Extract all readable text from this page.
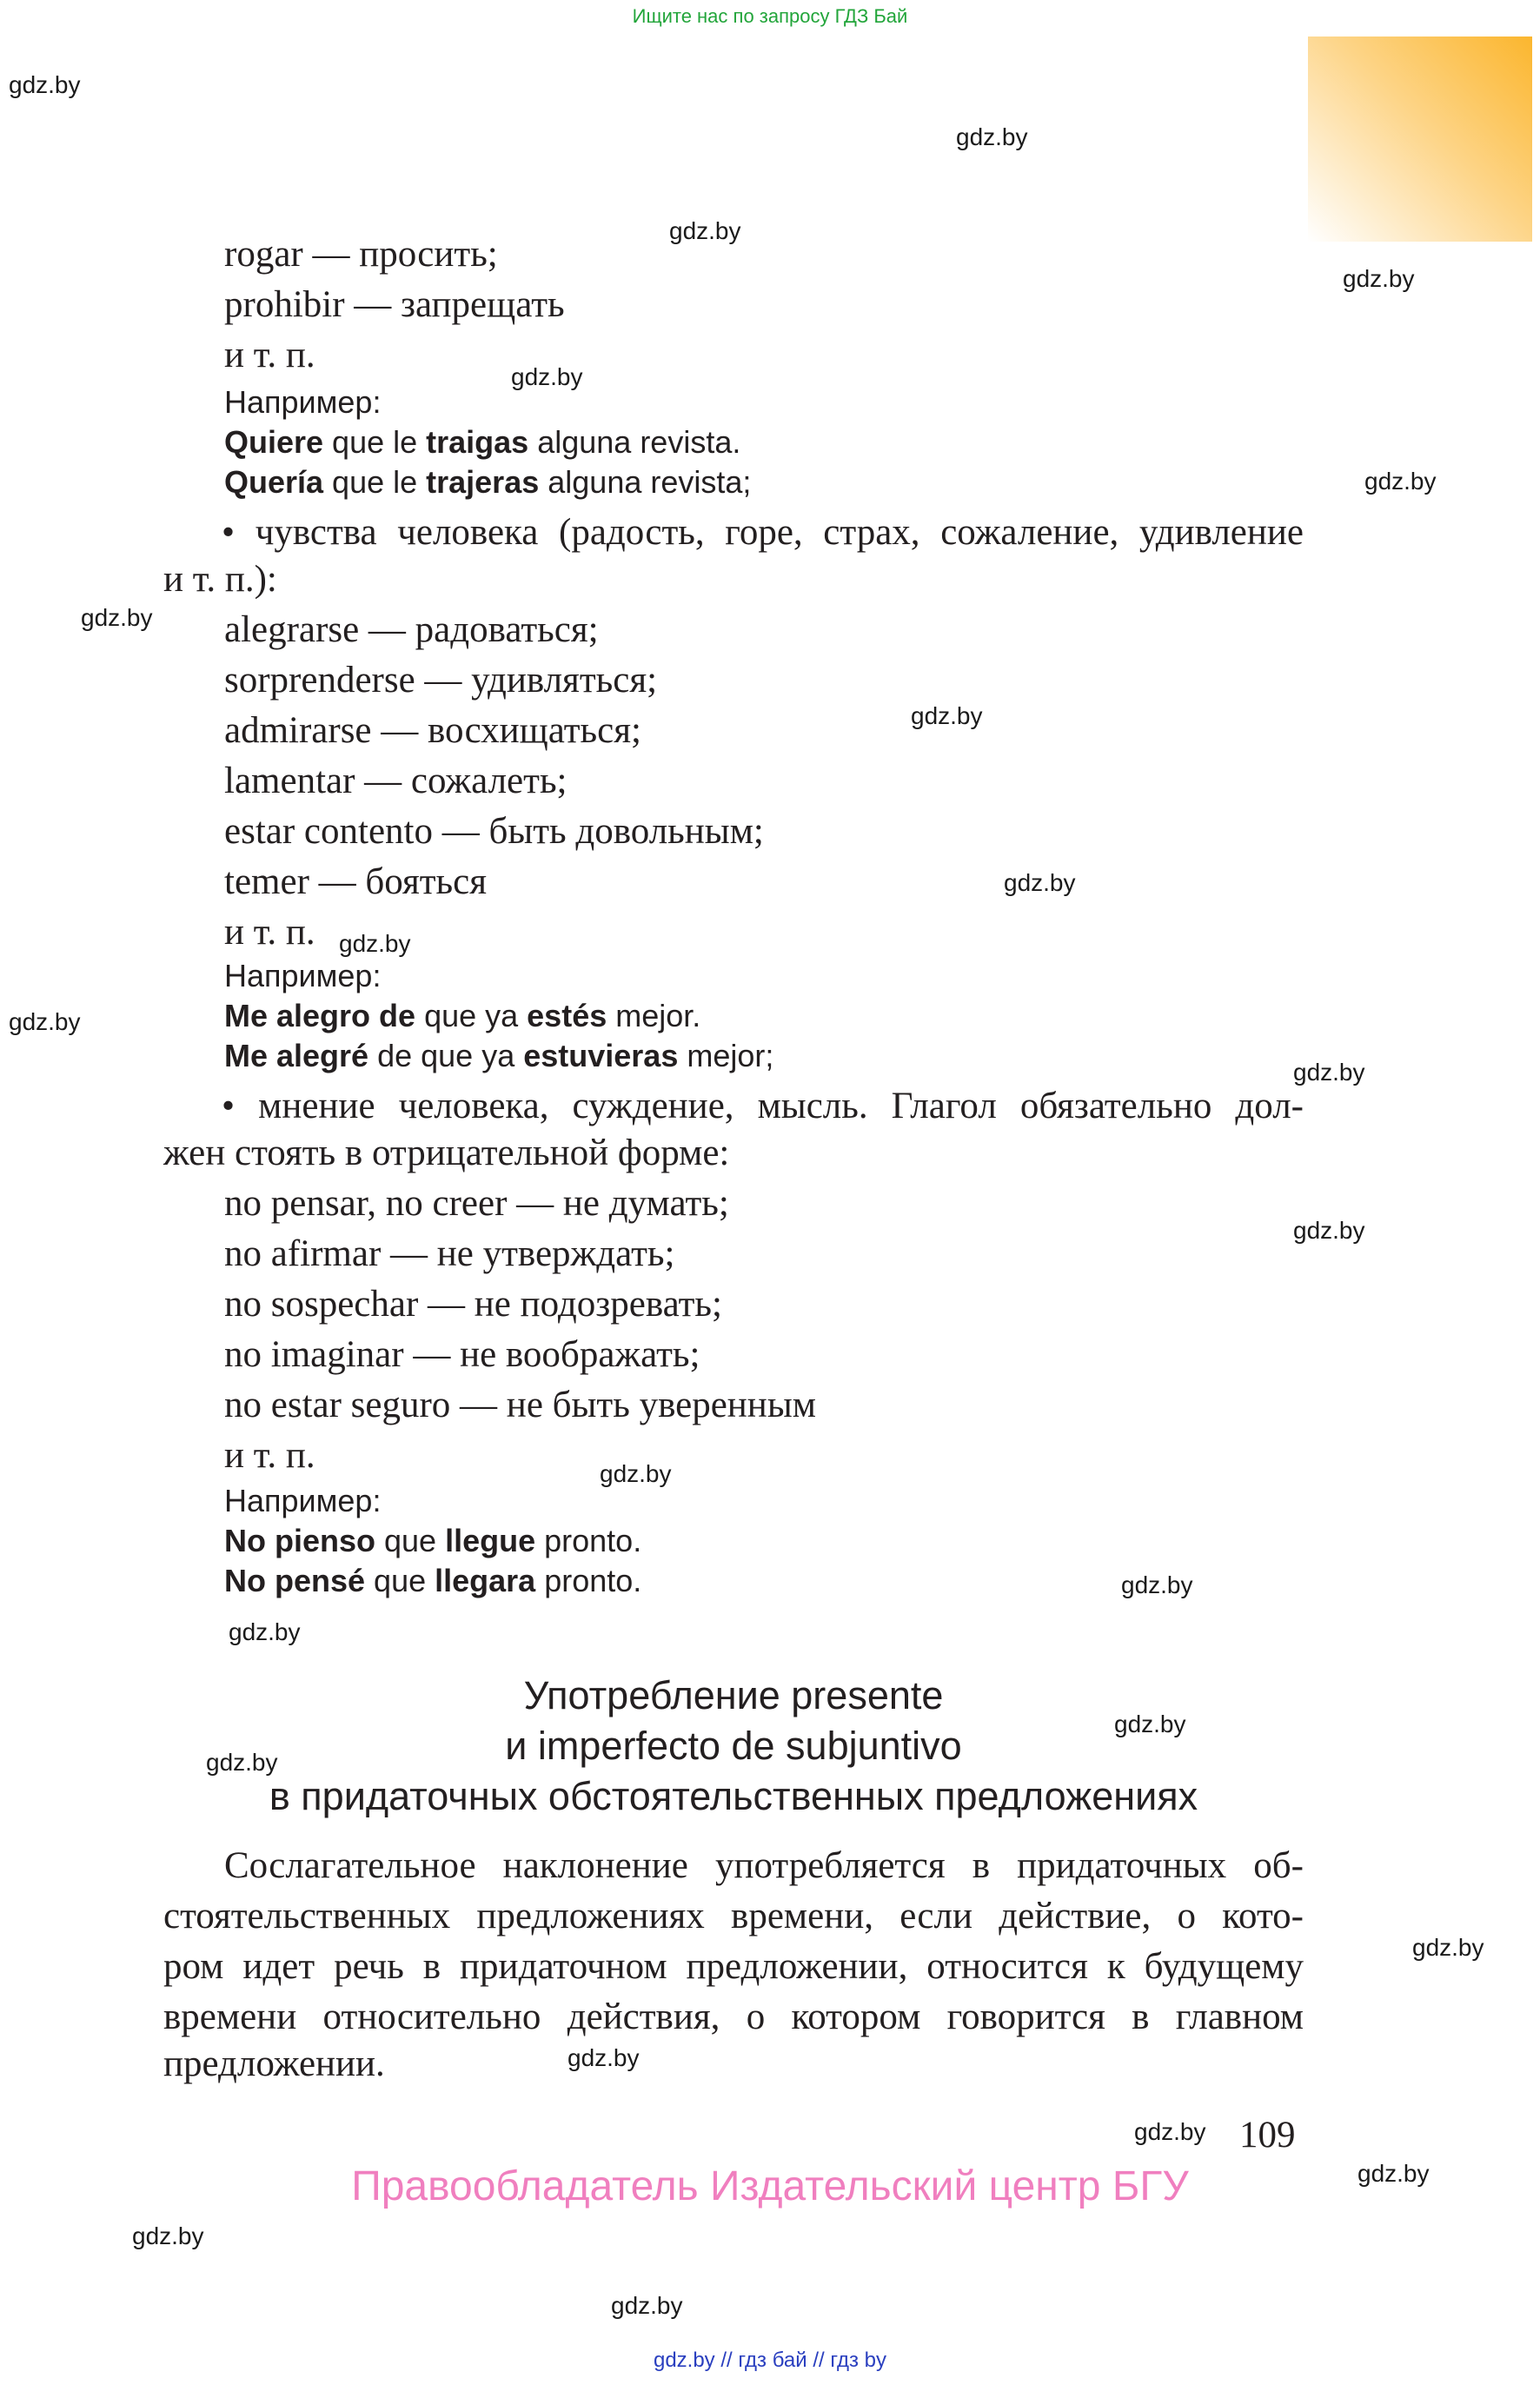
Ищите нас по запросу ГДЗ Бай
gdz.by
gdz.by
gdz.by
gdz.by
gdz.by
gdz.by
gdz.by
gdz.by
gdz.by
gdz.by
gdz.by
gdz.by
gdz.by
gdz.by
gdz.by
gdz.by
gdz.by
gdz.by
gdz.by
gdz.by
gdz.by
gdz.by
gdz.by
gdz.by
rogar — просить;
prohibir — запрещать
и т. п.
Например:
Quiere que le traigas alguna revista.
Quería que le trajeras alguna revista;
• чувства человека (радость, горе, страх, сожаление, удивление
и т. п.):
alegrarse — радоваться;
sorprenderse — удивляться;
admirarse — восхищаться;
lamentar — сожалеть;
estar contento — быть довольным;
temer — бояться
и т. п.
Например:
Me alegro de que ya estés mejor.
Me alegré de que ya estuvieras mejor;
• мнение человека, суждение, мысль. Глагол обязательно дол-
жен стоять в отрицательной форме:
no pensar, no creer — не думать;
no afirmar — не утверждать;
no sospechar — не подозревать;
no imaginar — не воображать;
no estar seguro — не быть уверенным
и т. п.
Например:
No pienso que llegue pronto.
No pensé que llegara pronto.
Употребление presente
и imperfecto de subjuntivo
в придаточных обстоятельственных предложениях
Сослагательное наклонение употребляется в придаточных об-
стоятельственных предложениях времени, если действие, о кото-
ром идет речь в придаточном предложении, относится к будущему
времени относительно действия, о котором говорится в главном
предложении.
109
Правообладатель Издательский центр БГУ
gdz.by // гдз бай // гдз by
